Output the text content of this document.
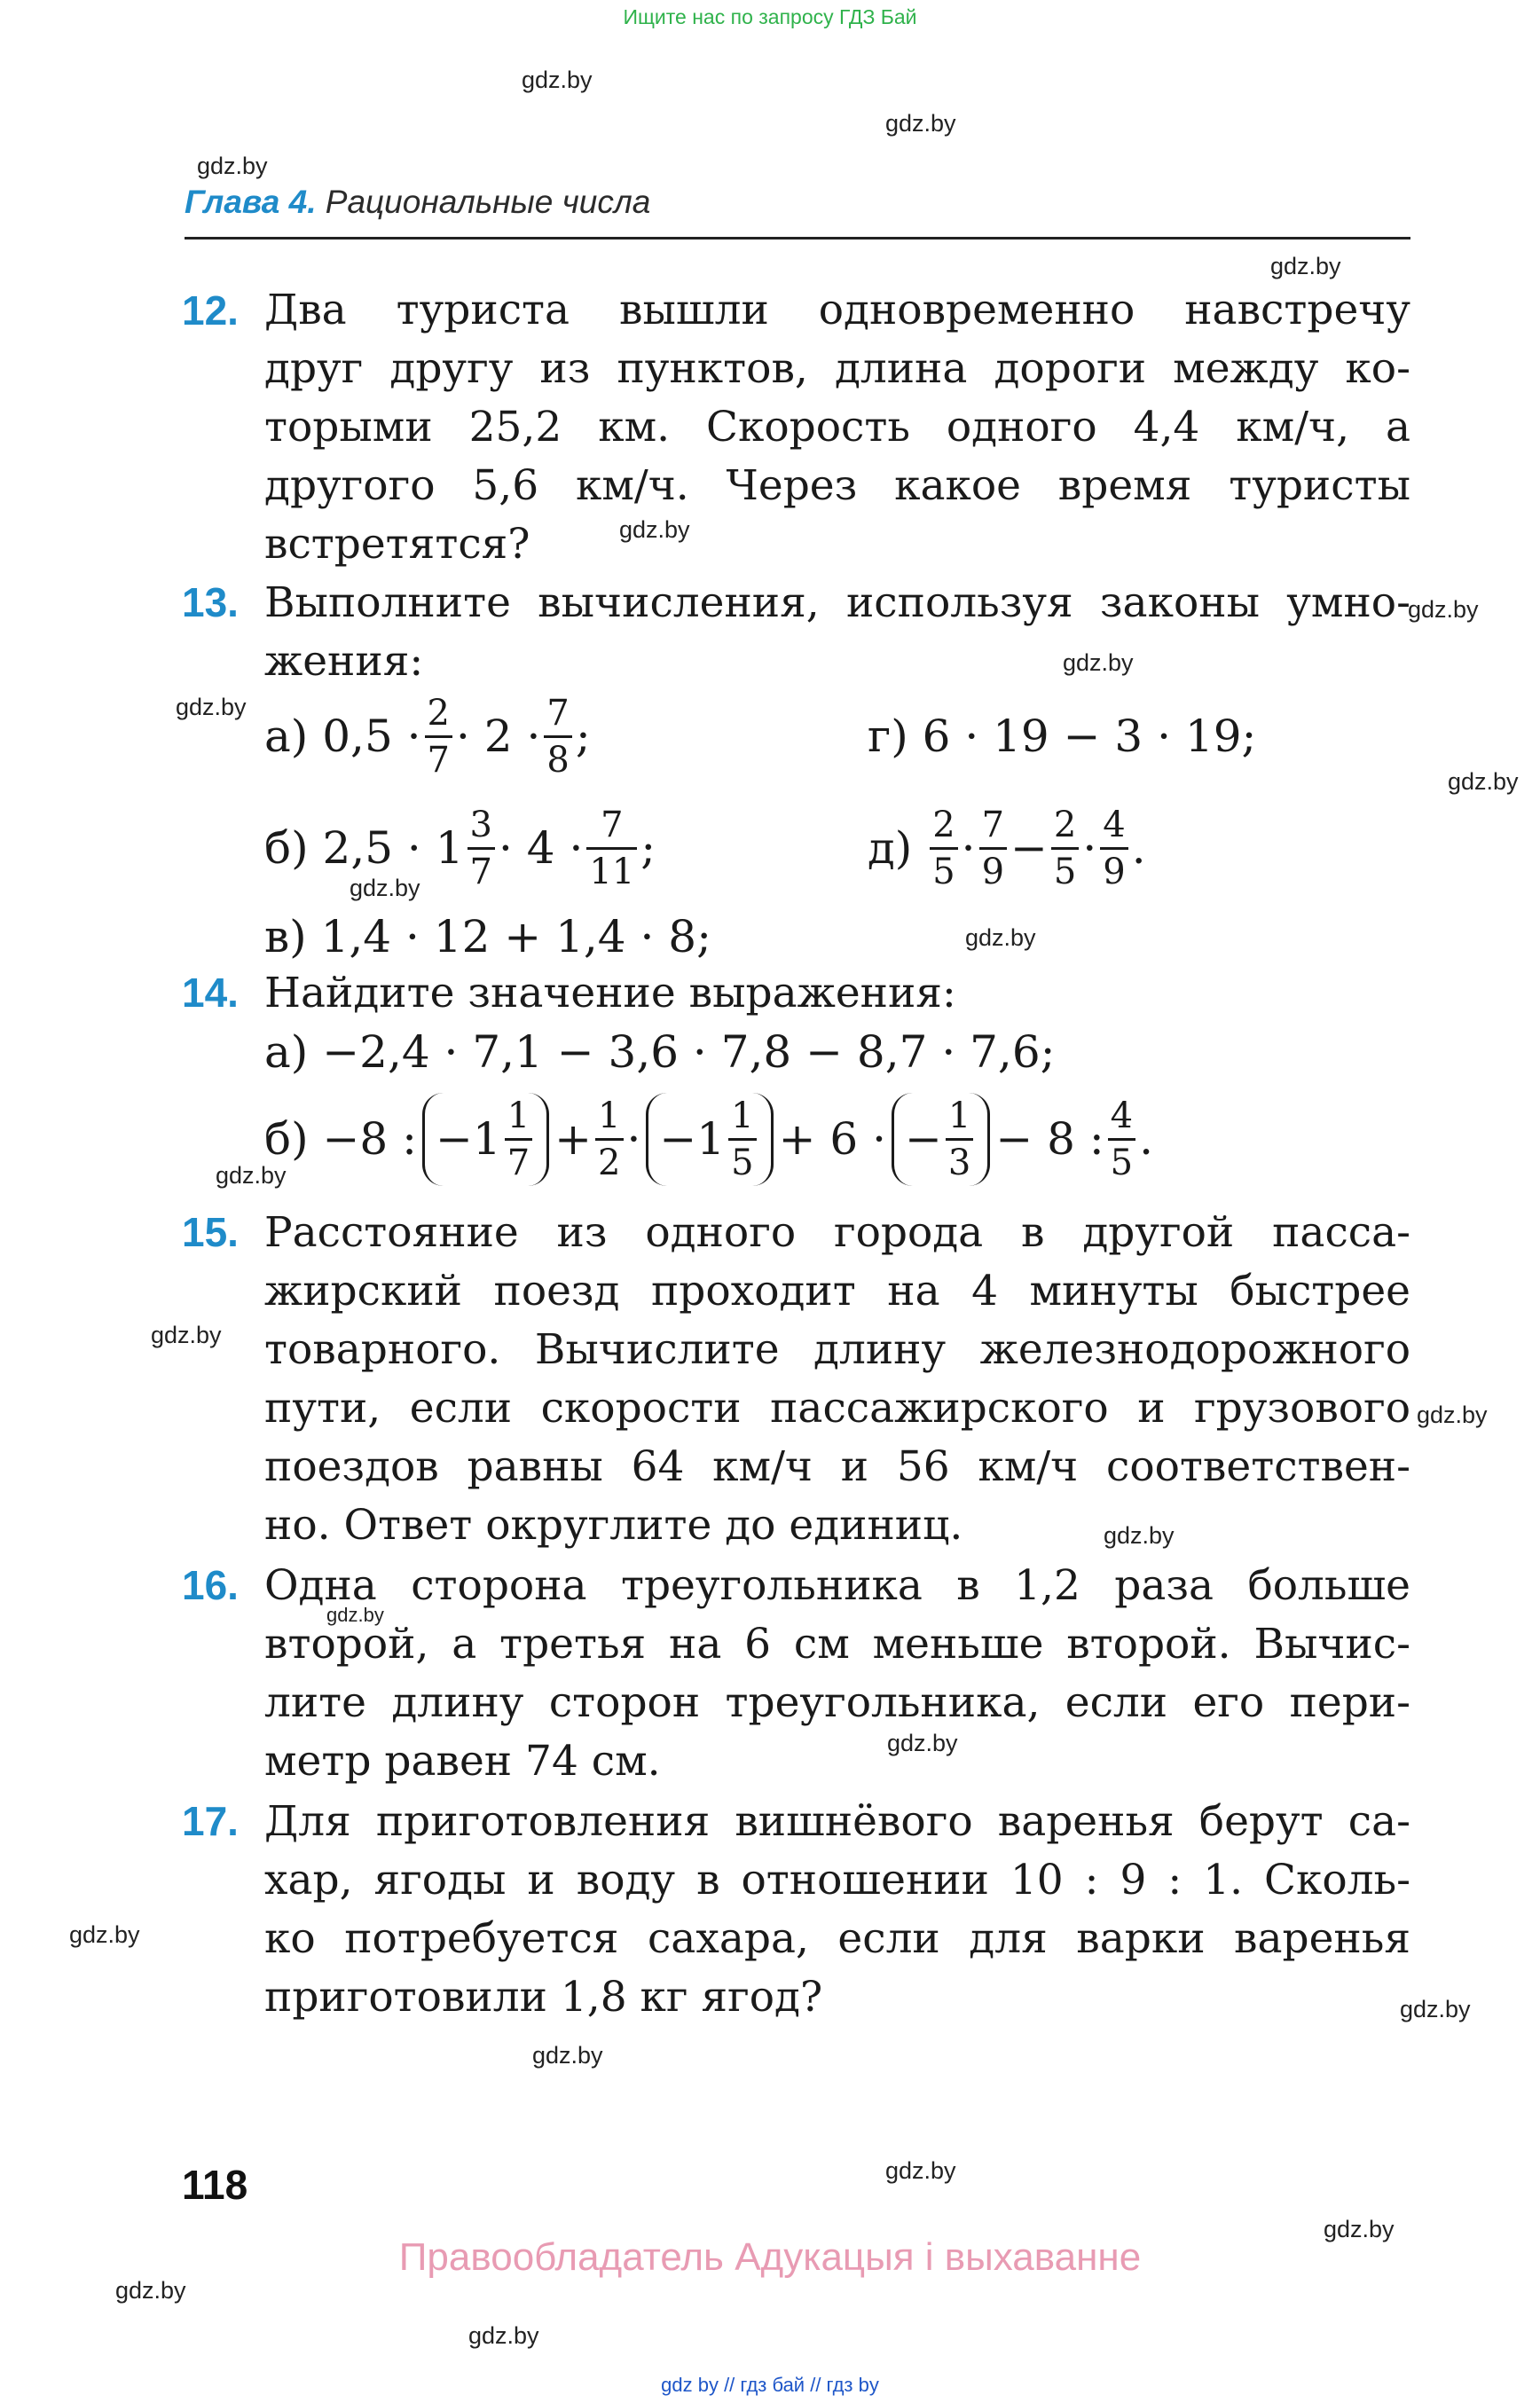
Ищите нас по запросу ГДЗ Бай
gdz.by
gdz.by
gdz.by
gdz.by
gdz.by
gdz.by
gdz.by
gdz.by
gdz.by
gdz.by
gdz.by
gdz.by
gdz.by
gdz.by
gdz.by
gdz.by
gdz.by
gdz.by
gdz.by
gdz.by
gdz.by
gdz.by
gdz.by
gdz.by
Глава 4. Рациональные числа
12. Два туриста вышли одновременно навстречу
друг другу из пунктов, длина дороги между ко-
торыми 25,2 км. Скорость одного 4,4 км/ч, а
другого 5,6 км/ч. Через какое время туристы
встретятся?
13. Выполните вычисления, используя законы умно-
жения:
а)
$0,5 \cdot \frac{2}{7} \cdot 2 \cdot \frac{7}{8}$ ;	г)
6 · 19 − 3 · 19;
б)
$2,5 \cdot 1 \frac{3}{7} \cdot 4 \cdot \frac{7}{11}$ ;	д)
$\frac{2}{5} \cdot \frac{7}{9} - \frac{2}{5} \cdot \frac{4}{9}$ .
в)
1,4 · 12 + 1,4 · 8;
14. Найдите значение выражения:
а)
−2,4 · 7,1 − 3,6 · 7,8 − 8,7 · 7,6;
б)
−8 : $-1 \frac{1}{7} + \frac{1}{2} \cdot -1 \frac{1}{5} + 6$ · − $\frac{1}{3} - 8$ : $\frac{4}{5}$ .
15. Расстояние из одного города в другой пасса-
жирский поезд проходит на 4 минуты быстрее
товарного. Вычислите длину железнодорожного
пути, если скорости пассажирского и грузового
поездов равны 64 км/ч и 56 км/ч соответствен-
но. Ответ округлите до единиц.
16. Одна сторона треугольника в 1,2 раза больше
второй, а третья на 6 см меньше второй. Вычис-
лите длину сторон треугольника, если его пери-
метр равен 74 см.
17. Для приготовления вишнёвого варенья берут са-
хар, ягоды и воду в отношении 10 : 9 : 1. Сколь-
ко потребуется сахара, если для варки варенья
приготовили 1,8 кг ягод?
118
Правообладатель Адукацыя і выхаванне
gdz by // гдз бай // гдз by
